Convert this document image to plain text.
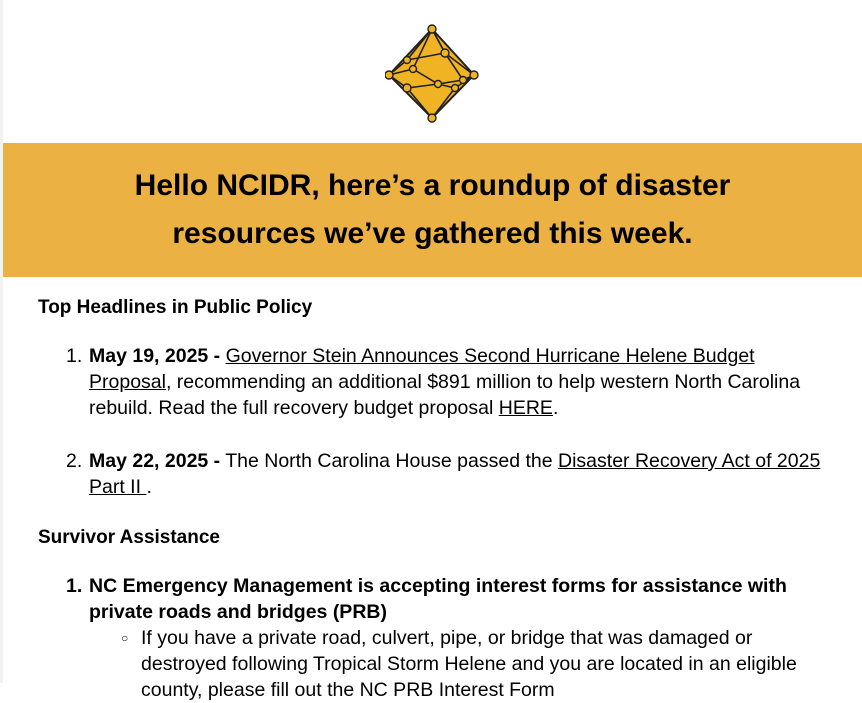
Hello NCIDR, here’s a roundup of disaster resources we’ve gathered this week.
Top Headlines in Public Policy
1. May 19, 2025 - Governor Stein Announces Second Hurricane Helene Budget Proposal, recommending an additional $891 million to help western North Carolina rebuild. Read the full recovery budget proposal HERE.
2. May 22, 2025 - The North Carolina House passed the Disaster Recovery Act of 2025 Part II .
Survivor Assistance
1. NC Emergency Management is accepting interest forms for assistance with private roads and bridges (PRB)
○ If you have a private road, culvert, pipe, or bridge that was damaged or destroyed following Tropical Storm Helene and you are located in an eligible county, please fill out the NC PRB Interest Form
